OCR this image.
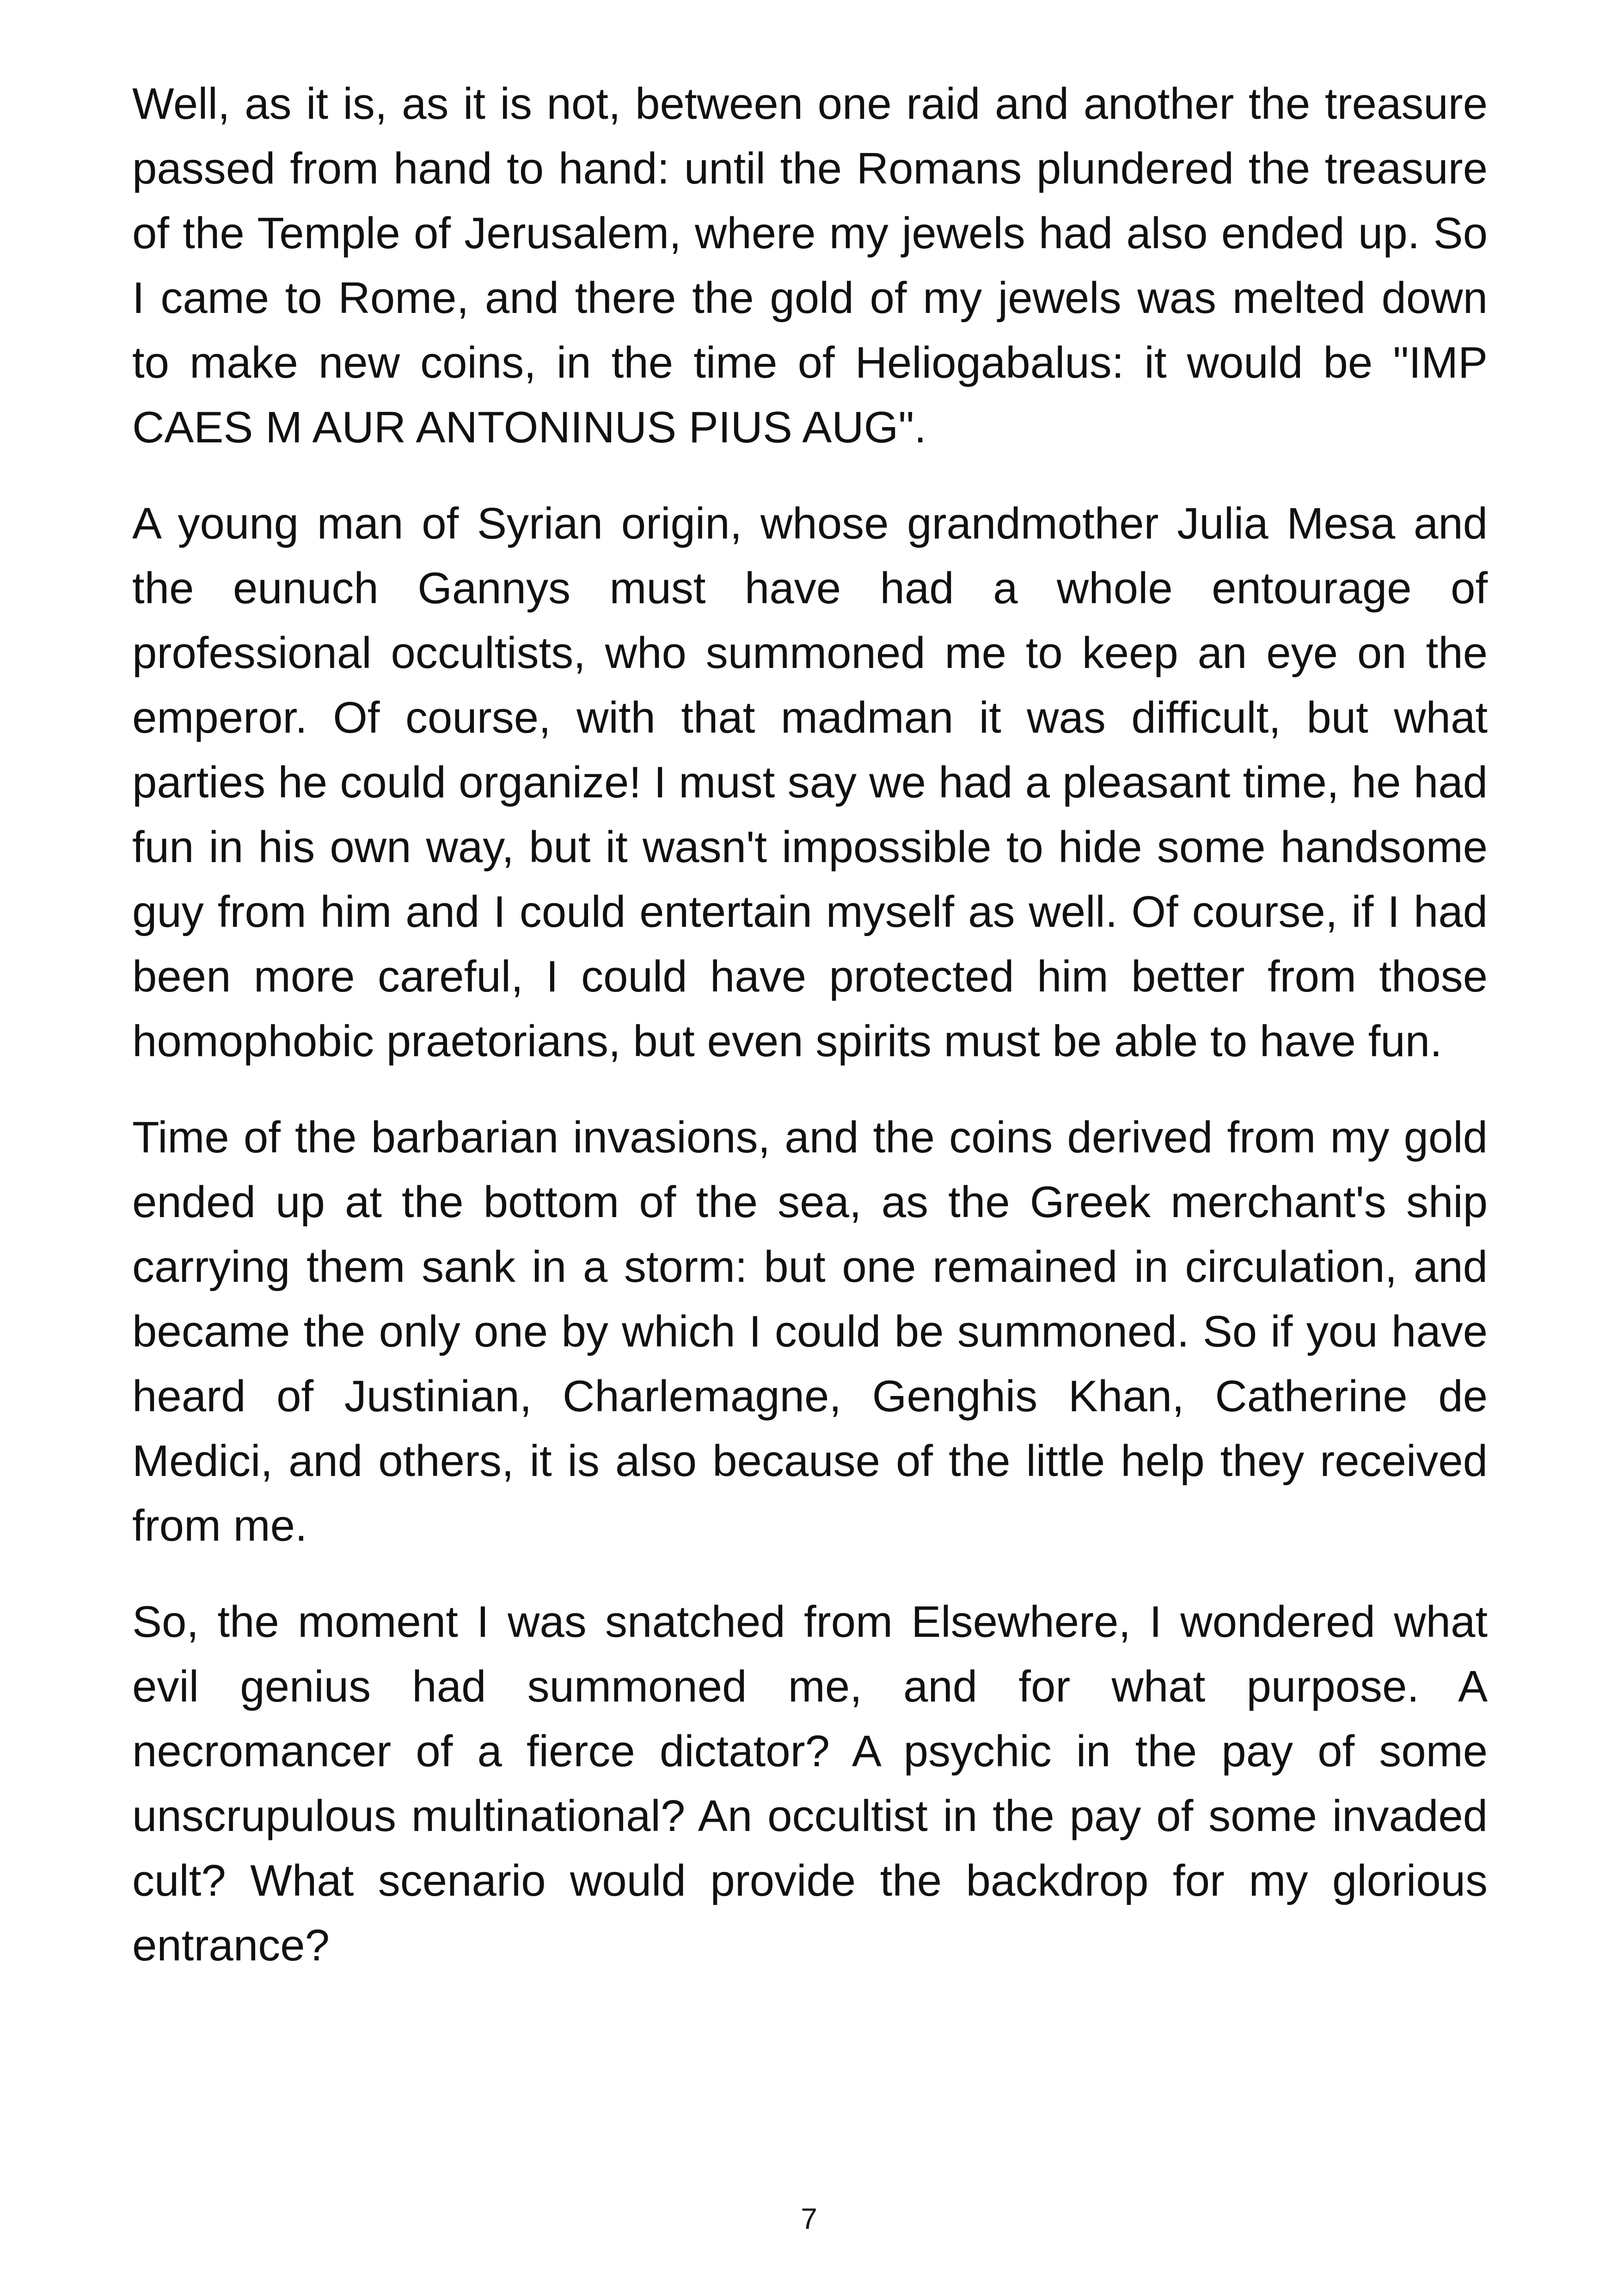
Well, as it is, as it is not, between one raid and another the treasure passed from hand to hand: until the Romans plundered the treasure of the Temple of Jerusalem, where my jewels had also ended up. So I came to Rome, and there the gold of my jewels was melted down to make new coins, in the time of Heliogabalus: it would be "IMP CAES M AUR ANTONINUS PIUS AUG".

A young man of Syrian origin, whose grandmother Julia Mesa and the eunuch Gannys must have had a whole entourage of professional occultists, who summoned me to keep an eye on the emperor. Of course, with that madman it was difficult, but what parties he could organize! I must say we had a pleasant time, he had fun in his own way, but it wasn't impossible to hide some handsome guy from him and I could entertain myself as well. Of course, if I had been more careful, I could have protected him better from those homophobic praetorians, but even spirits must be able to have fun.

Time of the barbarian invasions, and the coins derived from my gold ended up at the bottom of the sea, as the Greek merchant's ship carrying them sank in a storm: but one remained in circulation, and became the only one by which I could be summoned. So if you have heard of Justinian, Charlemagne, Genghis Khan, Catherine de Medici, and others, it is also because of the little help they received from me.

So, the moment I was snatched from Elsewhere, I wondered what evil genius had summoned me, and for what purpose. A necromancer of a fierce dictator? A psychic in the pay of some unscrupulous multinational? An occultist in the pay of some invaded cult? What scenario would provide the backdrop for my glorious entrance?

7
